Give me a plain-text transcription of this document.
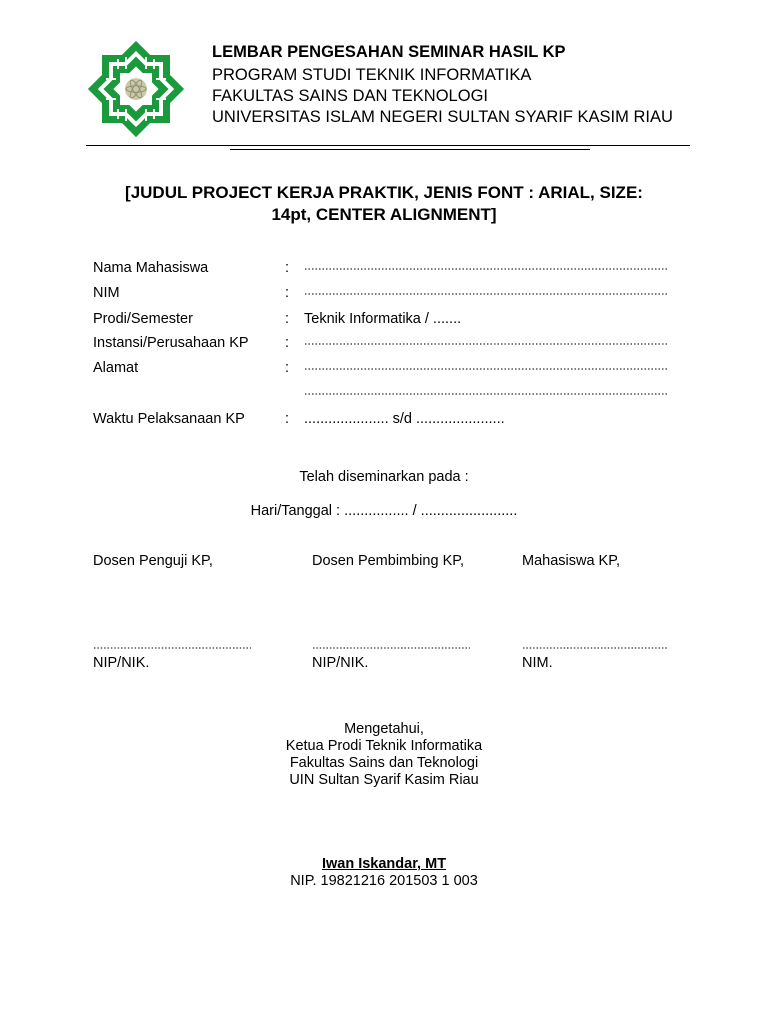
LEMBAR PENGESAHAN SEMINAR HASIL KP
PROGRAM STUDI TEKNIK INFORMATIKA
FAKULTAS SAINS DAN TEKNOLOGI
UNIVERSITAS ISLAM NEGERI SULTAN SYARIF KASIM RIAU
[JUDUL PROJECT KERJA PRAKTIK, JENIS FONT : ARIAL, SIZE:
14pt, CENTER ALIGNMENT]
Nama Mahasiswa	:
NIM	:
Prodi/Semester	: Teknik Informatika / .......
Instansi/Perusahaan KP	:
Alamat	:
Waktu Pelaksanaan KP	: ..................... s/d ......................
Telah diseminarkan pada :
Hari/Tanggal : ................ / ........................
Dosen Penguji KP,	Dosen Pembimbing KP,	Mahasiswa KP,
NIP/NIK.	NIP/NIK.	NIM.
Mengetahui,
Ketua Prodi Teknik Informatika
Fakultas Sains dan Teknologi
UIN Sultan Syarif Kasim Riau
Iwan Iskandar, MT
NIP. 19821216 201503 1 003
